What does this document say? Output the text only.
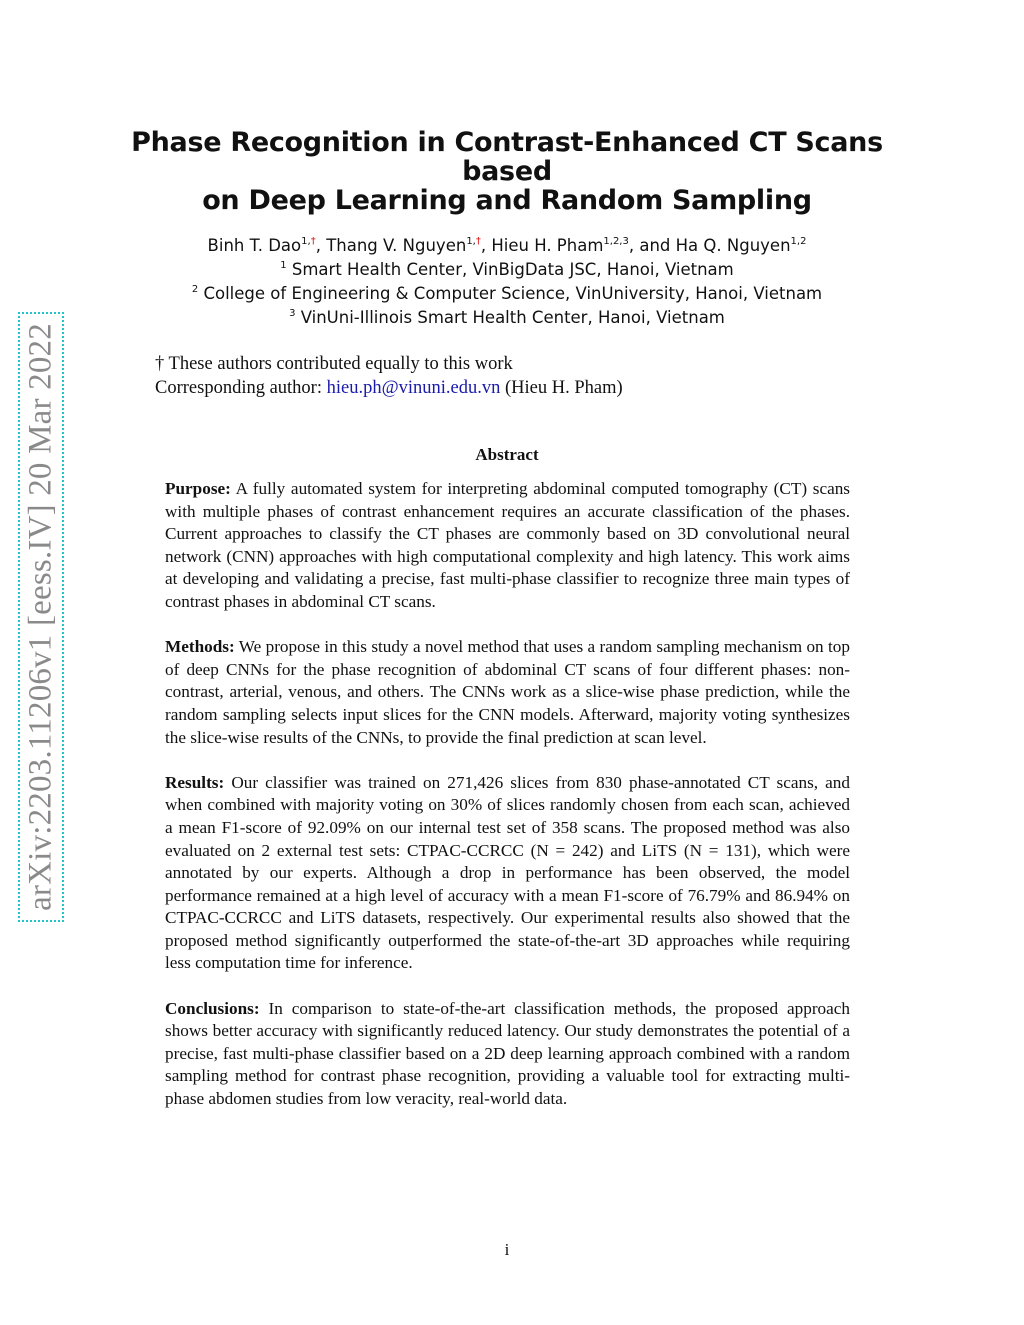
arXiv:2203.11206v1 [eess.IV] 20 Mar 2022
Phase Recognition in Contrast-Enhanced CT Scans based
on Deep Learning and Random Sampling
Binh T. Dao$^{1,\dagger}$, Thang V. Nguyen$^{1,\dagger}$, Hieu H. Pham$^{1,2,3}$, and Ha Q. Nguyen$^{1,2}$
$^1$ Smart Health Center, VinBigData JSC, Hanoi, Vietnam
$^2$ College of Engineering & Computer Science, VinUniversity, Hanoi, Vietnam
$^3$ VinUni-Illinois Smart Health Center, Hanoi, Vietnam
† These authors contributed equally to this work
Corresponding author: hieu.ph@vinuni.edu.vn (Hieu H. Pham)
Abstract

Purpose: A fully automated system for interpreting abdominal computed tomography (CT) scans with multiple phases of contrast enhancement requires an accurate classification of the phases. Current approaches to classify the CT phases are commonly based on 3D convolutional neural network (CNN) approaches with high computational complexity and high latency. This work aims at developing and validating a precise, fast multi-phase classifier to recognize three main types of contrast phases in abdominal CT scans.

Methods: We propose in this study a novel method that uses a random sampling mechanism on top of deep CNNs for the phase recognition of abdominal CT scans of four different phases: non-contrast, arterial, venous, and others. The CNNs work as a slice-wise phase prediction, while the random sampling selects input slices for the CNN models. Afterward, majority voting synthesizes the slice-wise results of the CNNs, to provide the final prediction at scan level.

Results: Our classifier was trained on 271,426 slices from 830 phase-annotated CT scans, and when combined with majority voting on 30% of slices randomly chosen from each scan, achieved a mean F1-score of 92.09% on our internal test set of 358 scans. The proposed method was also evaluated on 2 external test sets: CTPAC-CCRCC (N = 242) and LiTS (N = 131), which were annotated by our experts. Although a drop in performance has been observed, the model performance remained at a high level of accuracy with a mean F1-score of 76.79% and 86.94% on CTPAC-CCRCC and LiTS datasets, respectively. Our experimental results also showed that the proposed method significantly outperformed the state-of-the-art 3D approaches while requiring less computation time for inference.

Conclusions: In comparison to state-of-the-art classification methods, the proposed approach shows better accuracy with significantly reduced latency. Our study demonstrates the potential of a precise, fast multi-phase classifier based on a 2D deep learning approach combined with a random sampling method for contrast phase recognition, providing a valuable tool for extracting multi-phase abdomen studies from low veracity, real-world data.

i
